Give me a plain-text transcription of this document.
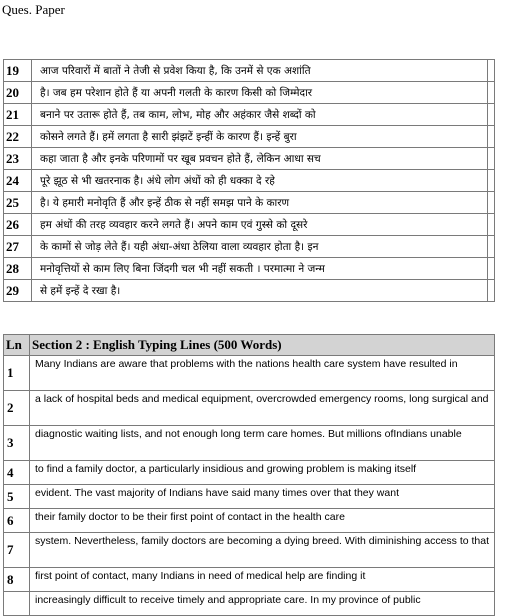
Ques. Paper
19	आज परिवारों में बातों ने तेजी से प्रवेश किया है, कि उनमें से एक अशांति	
20	है। जब हम परेशान होते हैं या अपनी गलती के कारण किसी को जिम्मेदार	
21	बनाने पर उतारू होते हैं, तब काम, लोभ, मोह और अहंकार जैसे शब्दों को	
22	कोसने लगते हैं। हमें लगता है सारी झंझटें इन्हीं के कारण हैं। इन्हें बुरा	
23	कहा जाता है और इनके परिणामों पर खूब प्रवचन होते हैं, लेकिन आधा सच	
24	पूरे झूठ से भी खतरनाक है। अंधे लोग अंधों को ही धक्का दे रहे	
25	है। ये हमारी मनोवृति हैं और इन्हें ठीक से नहीं समझ पाने के कारण	
26	हम अंधों की तरह व्यवहार करने लगते हैं। अपने काम एवं गुस्से को दूसरे	
27	के कामों से जोड़ लेते हैं। यही अंधा-अंधा ठेलिया वाला व्यवहार होता है। इन	
28	मनोवृत्तियों से काम लिए बिना जिंदगी चल भी नहीं सकती । परमात्मा ने जन्म	
29	से हमें इन्हें दे रखा है।	
Ln	Section 2 : English Typing Lines (500 Words)
1	Many Indians are aware that problems with the nations health care system have resulted in
2	a lack of hospital beds and medical equipment, overcrowded emergency rooms, long surgical and
3	diagnostic waiting lists, and not enough long term care homes. But millions ofIndians unable
4	to find a family doctor, a particularly insidious and growing problem is making itself
5	evident. The vast majority of Indians have said many times over that they want
6	their family doctor to be their first point of contact in the health care
7	system. Nevertheless, family doctors are becoming a dying breed. With diminishing access to that
8	first point of contact, many Indians in need of medical help are finding it
	increasingly difficult to receive timely and appropriate care. In my province of public
